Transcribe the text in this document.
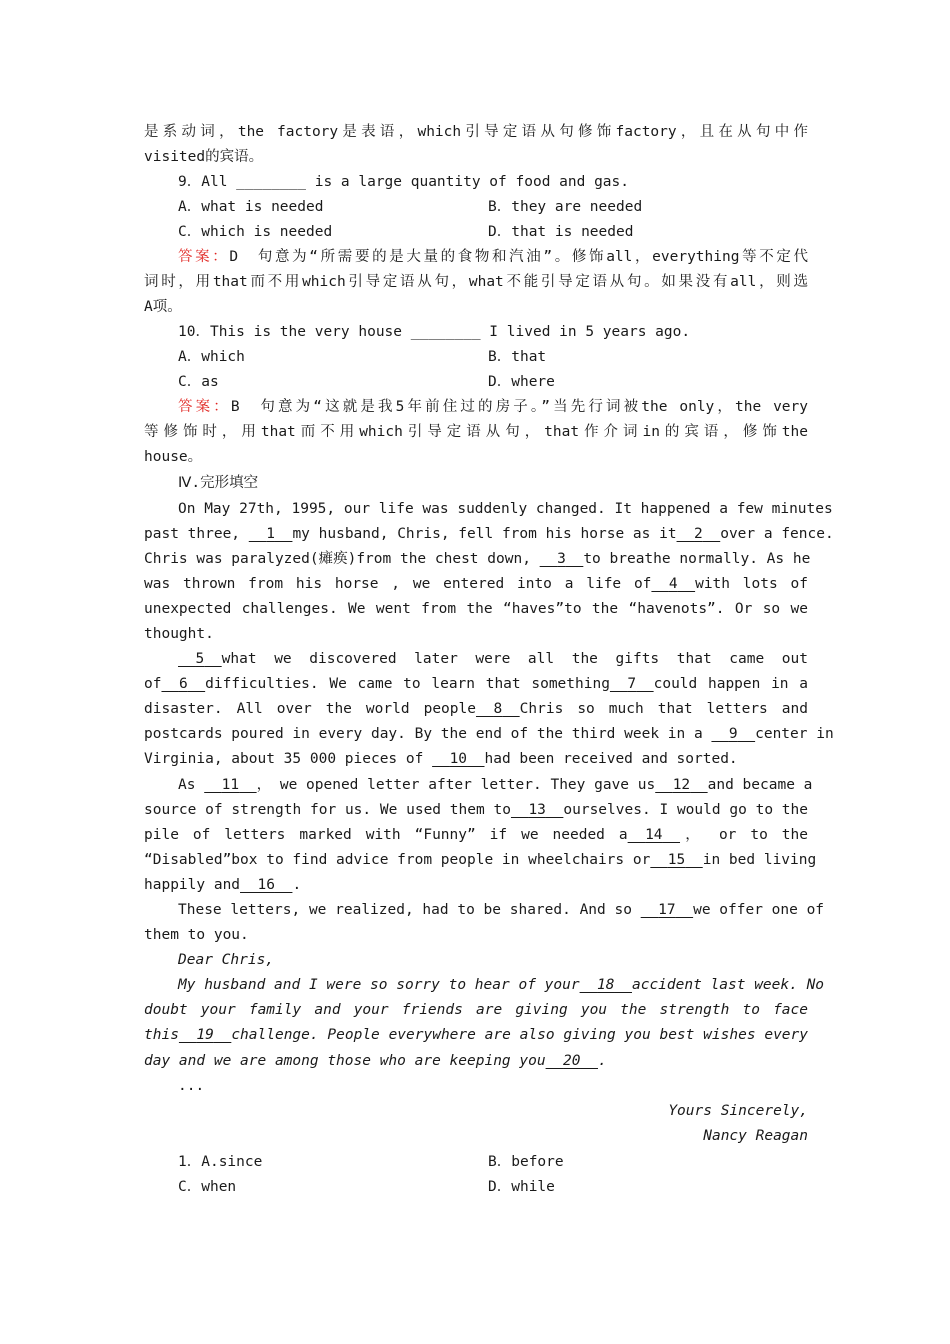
是系动词，the factory是表语，which引导定语从句修饰factory，且在从句中作
visited的宾语。
9．All ________ is a large quantity of food and gas.
A．what is needed	B．they are needed
C．which is needed	D．that is needed
答案：D　句意为“所需要的是大量的食物和汽油”。修饰all，everything等不定代
词时，用that而不用which引导定语从句，what不能引导定语从句。如果没有all，则选
A项。
10．This is the very house ________ I lived in 5 years ago.
A．which	B．that
C．as	D．where
答案：B　句意为“这就是我5年前住过的房子。”当先行词被the only，the very
等修饰时，用that而不用which引导定语从句，that作介词in的宾语，修饰the
house。
Ⅳ.完形填空
On May 27th, 1995, our life was suddenly changed. It happened a few minutes
past three, 1 my husband, Chris, fell from his horse as it 2 over a fence.
Chris was paralyzed(瘫痪)from the chest down, 3 to breathe normally. As he
was thrown from his horse , we entered into a life of 4 with lots of
unexpected challenges. We went from the “haves”to the “havenots”. Or so we
thought.
5 what we discovered later were all the gifts that came out
of 6 difficulties. We came to learn that something 7 could happen in a
disaster. All over the world people 8 Chris so much that letters and
postcards poured in every day. By the end of the third week in a 9 center in
Virginia, about 35 000 pieces of 10 had been received and sorted.
As 11 ， we opened letter after letter. They gave us 12 and became a
source of strength for us. We used them to 13 ourselves. I would go to the
pile of letters marked with “Funny” if we needed a 14 ， or to the
“Disabled”box to find advice from people in wheelchairs or 15 in bed living
happily and 16 .
These letters, we realized, had to be shared. And so 17 we offer one of
them to you.
Dear Chris,
My husband and I were so sorry to hear of your 18 accident last week. No
doubt your family and your friends are giving you the strength to face
this 19 challenge. People everywhere are also giving you best wishes every
day and we are among those who are keeping you 20 .
...
Yours Sincerely,
Nancy Reagan
1．A.since	B．before
C．when	D．while
